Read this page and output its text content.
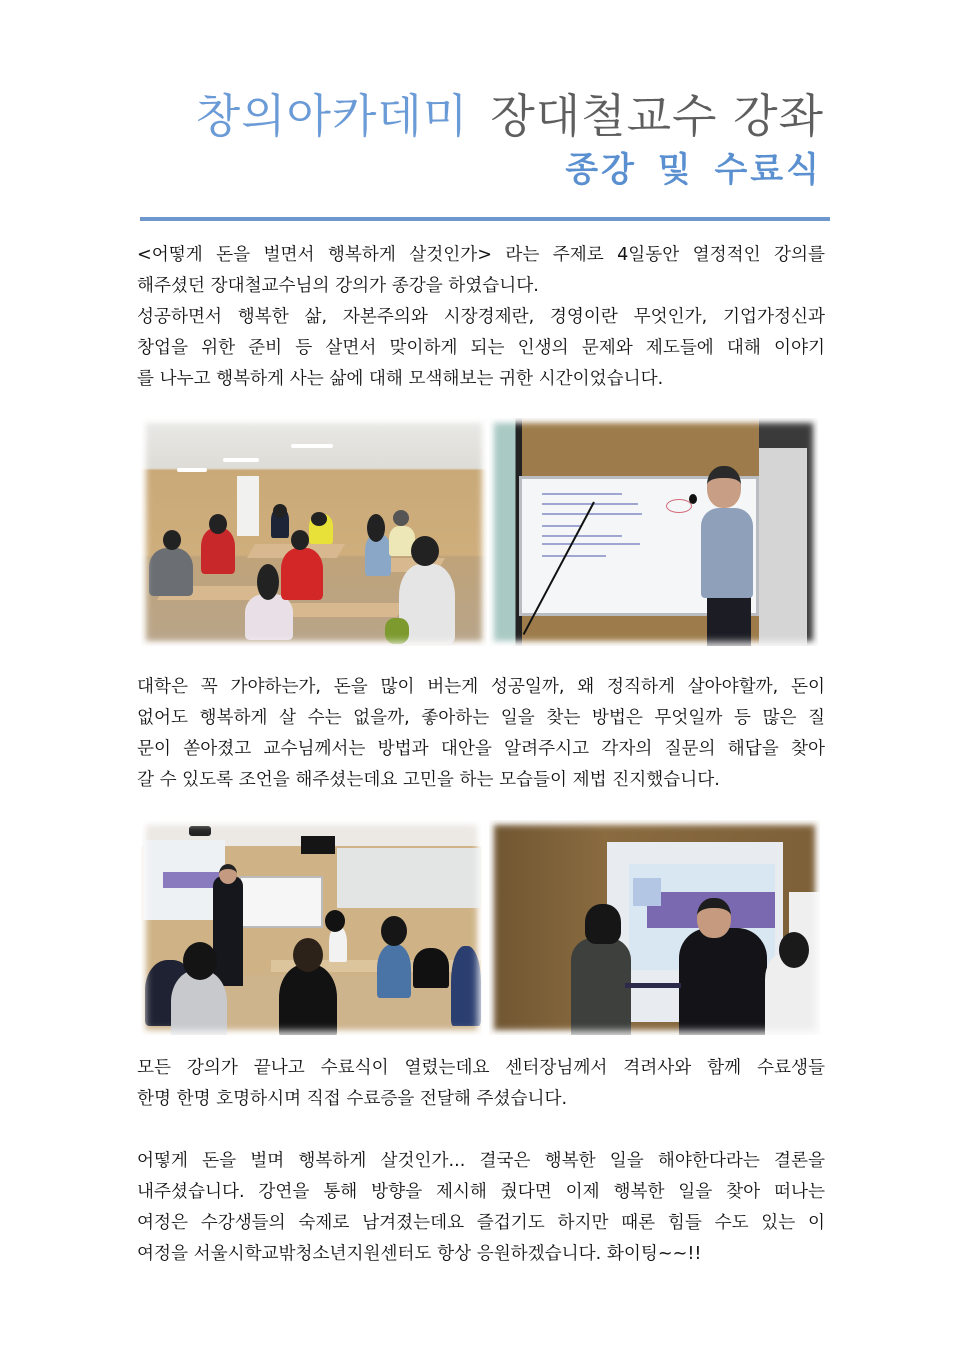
창의아카데미 장대철교수 강좌
종강 및 수료식
<어떻게 돈을 벌면서 행복하게 살것인가> 라는 주제로 4일동안 열정적인 강의를
해주셨던 장대철교수님의 강의가 종강을 하였습니다.
성공하면서 행복한 삶, 자본주의와 시장경제란, 경영이란 무엇인가, 기업가정신과
창업을 위한 준비 등 살면서 맞이하게 되는 인생의 문제와 제도들에 대해 이야기
를 나누고 행복하게 사는 삶에 대해 모색해보는 귀한 시간이었습니다.
대학은 꼭 가야하는가, 돈을 많이 버는게 성공일까, 왜 정직하게 살아야할까, 돈이
없어도 행복하게 살 수는 없을까, 좋아하는 일을 찾는 방법은 무엇일까 등 많은 질
문이 쏟아졌고 교수님께서는 방법과 대안을 알려주시고 각자의 질문의 해답을 찾아
갈 수 있도록 조언을 해주셨는데요 고민을 하는 모습들이 제법 진지했습니다.
모든 강의가 끝나고 수료식이 열렸는데요 센터장님께서 격려사와 함께 수료생들
한명 한명 호명하시며 직접 수료증을 전달해 주셨습니다.
어떻게 돈을 벌며 행복하게 살것인가... 결국은 행복한 일을 해야한다라는 결론을
내주셨습니다. 강연을 통해 방향을 제시해 줬다면 이제 행복한 일을 찾아 떠나는
여정은 수강생들의 숙제로 남겨졌는데요 즐겁기도 하지만 때론 힘들 수도 있는 이
여정을 서울시학교밖청소년지원센터도 항상 응원하겠습니다. 화이팅~~!!
